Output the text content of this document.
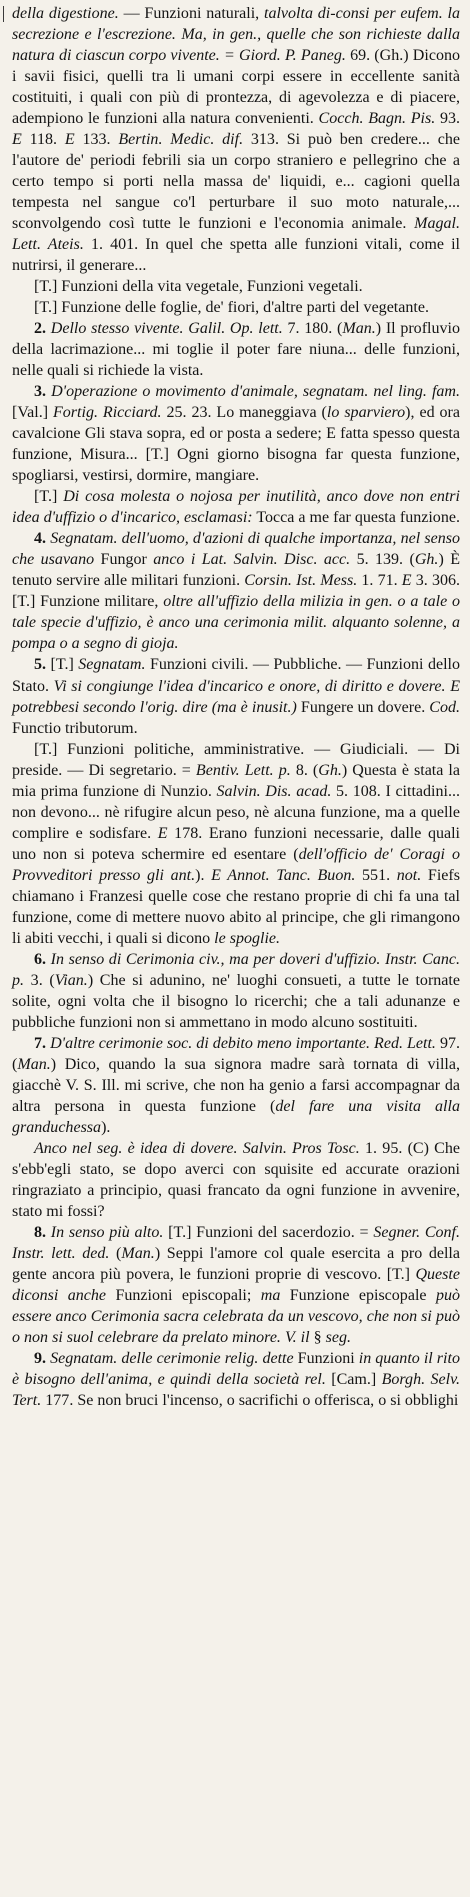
della digestione. — Funzioni naturali, talvolta di-consi per eufem. la secrezione e l'escrezione. Ma, in gen., quelle che son richieste dalla natura di ciascun corpo vivente. = Giord. P. Paneg. 69. (Gh.) Dicono i savii fisici, quelli tra li umani corpi essere in eccellente sanità costituiti, i quali con più di prontezza, di agevolezza e di piacere, adempiono le funzioni alla natura convenienti. Cocch. Bagn. Pis. 93. E 118. E 133. Bertin. Medic. dif. 313. Si può ben credere... che l'autore de' periodi febrili sia un corpo straniero e pellegrino che a certo tempo si porti nella massa de' liquidi, e... cagioni quella tempesta nel sangue co'l perturbare il suo moto naturale,... sconvolgendo così tutte le funzioni e l'economia animale. Magal. Lett. Ateis. 1. 401. In quel che spetta alle funzioni vitali, come il nutrirsi, il generare...

[T.] Funzioni della vita vegetale, Funzioni vegetali.

[T.] Funzione delle foglie, de' fiori, d'altre parti del vegetante.

2. Dello stesso vivente. Galil. Op. lett. 7. 180. (Man.) Il profluvio della lacrimazione... mi toglie il poter fare niuna... delle funzioni, nelle quali si richiede la vista.

3. D'operazione o movimento d'animale, segnatam. nel ling. fam. [Val.] Fortig. Ricciard. 25. 23. Lo maneggiava (lo sparviero), ed ora cavalcione Gli stava sopra, ed or posta a sedere; E fatta spesso questa funzione, Misura... [T.] Ogni giorno bisogna far questa funzione, spogliarsi, vestirsi, dormire, mangiare.

[T.] Di cosa molesta o nojosa per inutilità, anco dove non entri idea d'uffizio o d'incarico, esclamasi: Tocca a me far questa funzione.

4. Segnatam. dell'uomo, d'azioni di qualche importanza, nel senso che usavano Fungor anco i Lat. Salvin. Disc. acc. 5. 139. (Gh.) È tenuto servire alle militari funzioni. Corsin. Ist. Mess. 1. 71. E 3. 306. [T.] Funzione militare, oltre all'uffizio della milizia in gen. o a tale o tale specie d'uffizio, è anco una cerimonia milit. alquanto solenne, a pompa o a segno di gioja.

5. [T.] Segnatam. Funzioni civili. — Pubbliche. — Funzioni dello Stato. Vi si congiunge l'idea d'incarico e onore, di diritto e dovere. E potrebbesi secondo l'orig. dire (ma è inusit.) Fungere un dovere. Cod. Functio tributorum.

[T.] Funzioni politiche, amministrative. — Giudiciali. — Di preside. — Di segretario. = Bentiv. Lett. p. 8. (Gh.) Questa è stata la mia prima funzione di Nunzio. Salvin. Dis. acad. 5. 108. I cittadini... non devono... nè rifugire alcun peso, nè alcuna funzione, ma a quelle complire e sodisfare. E 178. Erano funzioni necessarie, dalle quali uno non si poteva schermire ed esentare (dell'officio de' Coragi o Provveditori presso gli ant.). E Annot. Tanc. Buon. 551. not. Fiefs chiamano i Franzesi quelle cose che restano proprie di chi fa una tal funzione, come di mettere nuovo abito al principe, che gli rimangono li abiti vecchi, i quali si dicono le spoglie.

6. In senso di Cerimonia civ., ma per doveri d'uffizio. Instr. Canc. p. 3. (Vian.) Che si adunino, ne' luoghi consueti, a tutte le tornate solite, ogni volta che il bisogno lo ricerchi; che a tali adunanze e pubbliche funzioni non si ammettano in modo alcuno sostituiti.

7. D'altre cerimonie soc. di debito meno importante. Red. Lett. 97. (Man.) Dico, quando la sua signora madre sarà tornata di villa, giacchè V. S. Ill. mi scrive, che non ha genio a farsi accompagnar da altra persona in questa funzione (del fare una visita alla granduchessa).

Anco nel seg. è idea di dovere. Salvin. Pros Tosc. 1. 95. (C) Che s'ebb'egli stato, se dopo averci con squisite ed accurate orazioni ringraziato a principio, quasi francato da ogni funzione in avvenire, stato mi fossi?

8. In senso più alto. [T.] Funzioni del sacerdozio. = Segner. Conf. Instr. lett. ded. (Man.) Seppi l'amore col quale esercita a pro della gente ancora più povera, le funzioni proprie di vescovo. [T.] Queste diconsi anche Funzioni episcopali; ma Funzione episcopale può essere anco Cerimonia sacra celebrata da un vescovo, che non si può o non si suol celebrare da prelato minore. V. il § seg.

9. Segnatam. delle cerimonie relig. dette Funzioni in quanto il rito è bisogno dell'anima, e quindi della società rel. [Cam.] Borgh. Selv. Tert. 177. Se non bruci l'incenso, o sacrifichi o offerisca, o si obblighi
